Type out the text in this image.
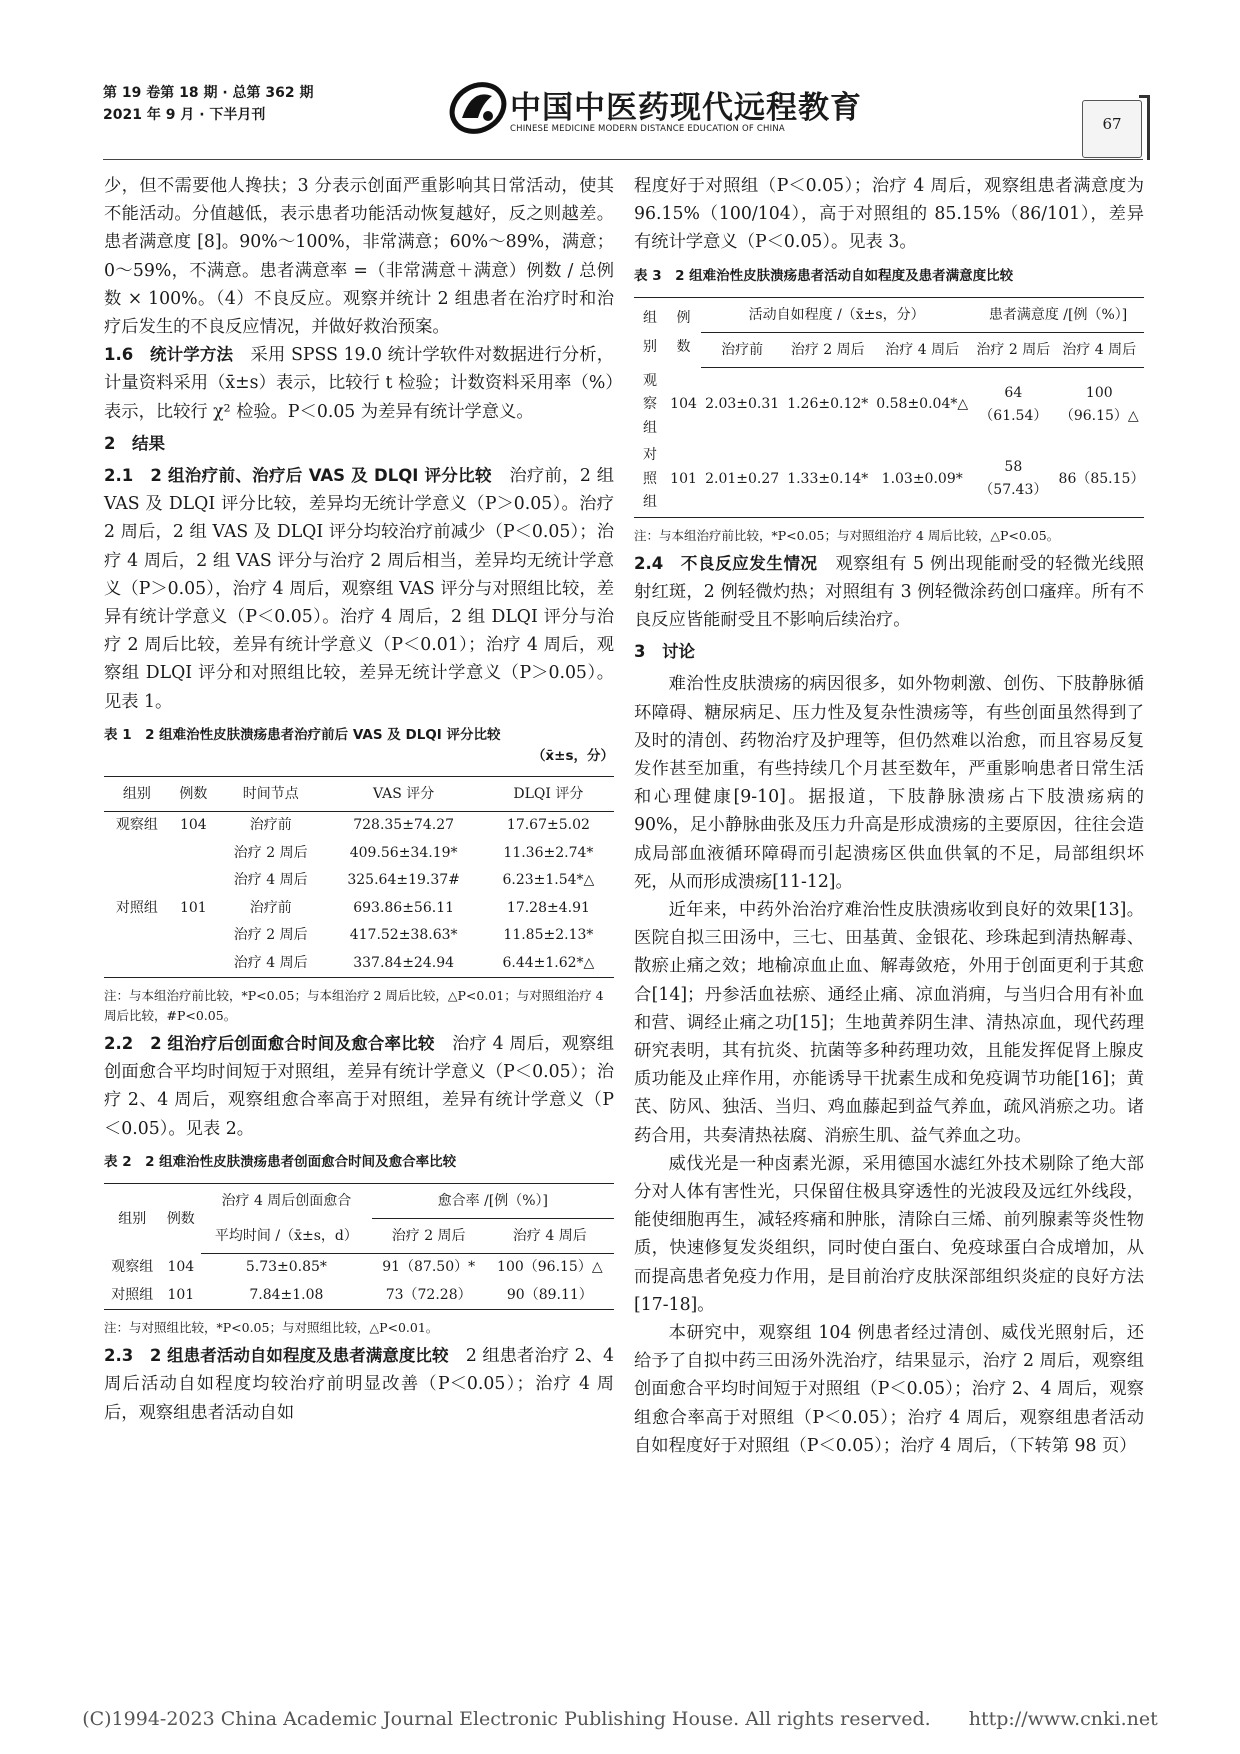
第 19 卷第 18 期 · 总第 362 期
2021 年 9 月 · 下半月刊	中国中医药现代远程教育
CHINESE MEDICINE MODERN DISTANCE EDUCATION OF CHINA	67

少，但不需要他人搀扶；3 分表示创面严重影响其日常活动，使其不能活动。分值越低，表示患者功能活动恢复越好，反之则越差。患者满意度 [8]。90%～100%，非常满意；60%～89%，满意；0～59%，不满意。患者满意率 =（非常满意＋满意）例数 / 总例数 × 100%。（4）不良反应。观察并统计 2 组患者在治疗时和治疗后发生的不良反应情况，并做好救治预案。

1.6　统计学方法　采用 SPSS 19.0 统计学软件对数据进行分析，计量资料采用（x̄±s）表示，比较行 t 检验；计数资料采用率（%）表示，比较行 χ² 检验。P＜0.05 为差异有统计学意义。

2　结果

2.1　2 组治疗前、治疗后 VAS 及 DLQI 评分比较　治疗前，2 组 VAS 及 DLQI 评分比较，差异均无统计学意义（P＞0.05）。治疗 2 周后，2 组 VAS 及 DLQI 评分均较治疗前减少（P＜0.05）；治疗 4 周后，2 组 VAS 评分与治疗 2 周后相当，差异均无统计学意义（P＞0.05），治疗 4 周后，观察组 VAS 评分与对照组比较，差异有统计学意义（P＜0.05）。治疗 4 周后，2 组 DLQI 评分与治疗 2 周后比较，差异有统计学意义（P＜0.01）；治疗 4 周后，观察组 DLQI 评分和对照组比较，差异无统计学意义（P＞0.05）。见表 1。

表 1　2 组难治性皮肤溃疡患者治疗前后 VAS 及 DLQI 评分比较
（x̄±s，分）
组别	例数	时间节点	VAS 评分	DLQI 评分
观察组	104	治疗前	728.35±74.27	17.67±5.02
		治疗 2 周后	409.56±34.19*	11.36±2.74*
		治疗 4 周后	325.64±19.37#	6.23±1.54*△
对照组	101	治疗前	693.86±56.11	17.28±4.91
		治疗 2 周后	417.52±38.63*	11.85±2.13*
		治疗 4 周后	337.84±24.94	6.44±1.62*△
注：与本组治疗前比较，*P<0.05；与本组治疗 2 周后比较，△P<0.01；与对照组治疗 4 周后比较，#P<0.05。

2.2　2 组治疗后创面愈合时间及愈合率比较　治疗 4 周后，观察组创面愈合平均时间短于对照组，差异有统计学意义（P＜0.05）；治疗 2、4 周后，观察组愈合率高于对照组，差异有统计学意义（P＜0.05）。见表 2。

表 2　2 组难治性皮肤溃疡患者创面愈合时间及愈合率比较
组别	例数	治疗 4 周后创面愈合	愈合率 /[例（%）]	
		平均时间 /（x̄±s，d）	治疗 2 周后	治疗 4 周后
观察组	104	5.73±0.85*	91（87.50）*	100（96.15）△
对照组	101	7.84±1.08	73（72.28）	90（89.11）
注：与对照组比较，*P<0.05；与对照组比较，△P<0.01。

2.3　2 组患者活动自如程度及患者满意度比较　2 组患者治疗 2、4 周后活动自如程度均较治疗前明显改善（P＜0.05）；治疗 4 周后，观察组患者活动自如

程度好于对照组（P＜0.05）；治疗 4 周后，观察组患者满意度为 96.15%（100/104），高于对照组的 85.15%（86/101），差异有统计学意义（P＜0.05）。见表 3。

表 3　2 组难治性皮肤溃疡患者活动自如程度及患者满意度比较
组别	例数	活动自如程度 /（x̄±s，分）			患者满意度 /[例（%）]	
		治疗前	治疗 2 周后	治疗 4 周后	治疗 2 周后	治疗 4 周后
观察组	104	2.03±0.31	1.26±0.12*	0.58±0.04*△	64（61.54）	100（96.15）△
对照组	101	2.01±0.27	1.33±0.14*	1.03±0.09*	58（57.43）	86（85.15）
注：与本组治疗前比较，*P<0.05；与对照组治疗 4 周后比较，△P<0.05。

2.4　不良反应发生情况　观察组有 5 例出现能耐受的轻微光线照射红斑，2 例轻微灼热；对照组有 3 例轻微涂药创口瘙痒。所有不良反应皆能耐受且不影响后续治疗。

3　讨论

难治性皮肤溃疡的病因很多，如外物刺激、创伤、下肢静脉循环障碍、糖尿病足、压力性及复杂性溃疡等，有些创面虽然得到了及时的清创、药物治疗及护理等，但仍然难以治愈，而且容易反复发作甚至加重，有些持续几个月甚至数年，严重影响患者日常生活和心理健康[9-10]。据报道，下肢静脉溃疡占下肢溃疡病的 90%，足小静脉曲张及压力升高是形成溃疡的主要原因，往往会造成局部血液循环障碍而引起溃疡区供血供氧的不足，局部组织坏死，从而形成溃疡[11-12]。

近年来，中药外治治疗难治性皮肤溃疡收到良好的效果[13]。医院自拟三田汤中，三七、田基黄、金银花、珍珠起到清热解毒、散瘀止痛之效；地榆凉血止血、解毒敛疮，外用于创面更利于其愈合[14]；丹参活血祛瘀、通经止痛、凉血消痈，与当归合用有补血和营、调经止痛之功[15]；生地黄养阴生津、清热凉血，现代药理研究表明，其有抗炎、抗菌等多种药理功效，且能发挥促肾上腺皮质功能及止痒作用，亦能诱导干扰素生成和免疫调节功能[16]；黄芪、防风、独活、当归、鸡血藤起到益气养血，疏风消瘀之功。诸药合用，共奏清热祛腐、消瘀生肌、益气养血之功。

威伐光是一种卤素光源，采用德国水滤红外技术剔除了绝大部分对人体有害性光，只保留住极具穿透性的光波段及远红外线段，能使细胞再生，减轻疼痛和肿胀，清除白三烯、前列腺素等炎性物质，快速修复发炎组织，同时使白蛋白、免疫球蛋白合成增加，从而提高患者免疫力作用，是目前治疗皮肤深部组织炎症的良好方法[17-18]。

本研究中，观察组 104 例患者经过清创、威伐光照射后，还给予了自拟中药三田汤外洗治疗，结果显示，治疗 2 周后，观察组创面愈合平均时间短于对照组（P＜0.05）；治疗 2、4 周后，观察组愈合率高于对照组（P＜0.05）；治疗 4 周后，观察组患者活动自如程度好于对照组（P＜0.05）；治疗 4 周后，（下转第 98 页）

(C)1994-2023 China Academic Journal Electronic Publishing House. All rights reserved.　　http://www.cnki.net
